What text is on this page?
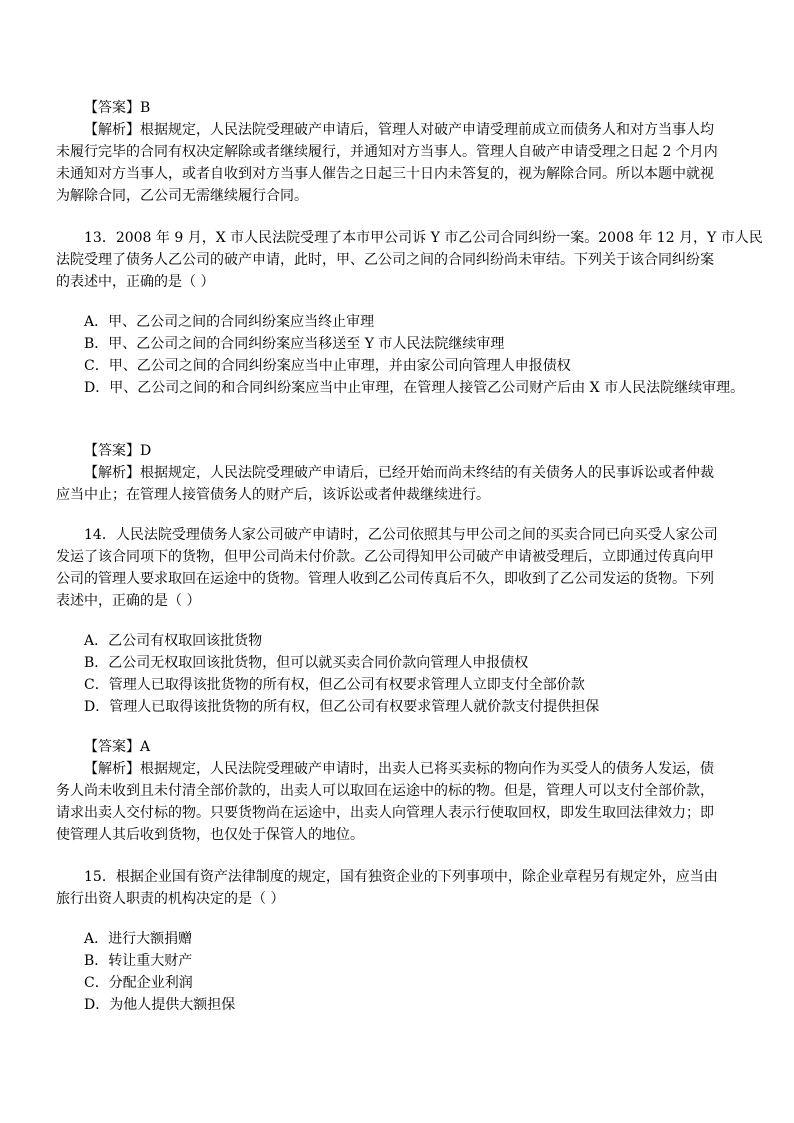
【答案】B
【解析】根据规定，人民法院受理破产申请后，管理人对破产申请受理前成立而债务人和对方当事人均
未履行完毕的合同有权决定解除或者继续履行，并通知对方当事人。管理人自破产申请受理之日起 2 个月内
未通知对方当事人，或者自收到对方当事人催告之日起三十日内未答复的，视为解除合同。所以本题中就视
为解除合同，乙公司无需继续履行合同。
13．2008 年 9 月，X 市人民法院受理了本市甲公司诉 Y 市乙公司合同纠纷一案。2008 年 12 月，Y 市人民
法院受理了债务人乙公司的破产申请，此时，甲、乙公司之间的合同纠纷尚未审结。下列关于该合同纠纷案
的表述中，正确的是（ ）
A．甲、乙公司之间的合同纠纷案应当终止审理
B．甲、乙公司之间的合同纠纷案应当移送至 Y 市人民法院继续审理
C．甲、乙公司之间的合同纠纷案应当中止审理，并由家公司向管理人申报债权
D．甲、乙公司之间的和合同纠纷案应当中止审理，在管理人接管乙公司财产后由 X 市人民法院继续审理。
【答案】D
【解析】根据规定，人民法院受理破产申请后，已经开始而尚未终结的有关债务人的民事诉讼或者仲裁
应当中止；在管理人接管债务人的财产后，该诉讼或者仲裁继续进行。
14．人民法院受理债务人家公司破产申请时，乙公司依照其与甲公司之间的买卖合同已向买受人家公司
发运了该合同项下的货物，但甲公司尚未付价款。乙公司得知甲公司破产申请被受理后，立即通过传真向甲
公司的管理人要求取回在运途中的货物。管理人收到乙公司传真后不久，即收到了乙公司发运的货物。下列
表述中，正确的是（ ）
A．乙公司有权取回该批货物
B．乙公司无权取回该批货物，但可以就买卖合同价款向管理人申报债权
C．管理人已取得该批货物的所有权，但乙公司有权要求管理人立即支付全部价款
D．管理人已取得该批货物的所有权，但乙公司有权要求管理人就价款支付提供担保
【答案】A
【解析】根据规定，人民法院受理破产申请时，出卖人已将买卖标的物向作为买受人的债务人发运，债
务人尚未收到且未付清全部价款的，出卖人可以取回在运途中的标的物。但是，管理人可以支付全部价款，
请求出卖人交付标的物。只要货物尚在运途中，出卖人向管理人表示行使取回权，即发生取回法律效力；即
使管理人其后收到货物，也仅处于保管人的地位。
15．根据企业国有资产法律制度的规定，国有独资企业的下列事项中，除企业章程另有规定外，应当由
旅行出资人职责的机构决定的是（ ）
A．进行大额捐赠
B．转让重大财产
C．分配企业利润
D．为他人提供大额担保
